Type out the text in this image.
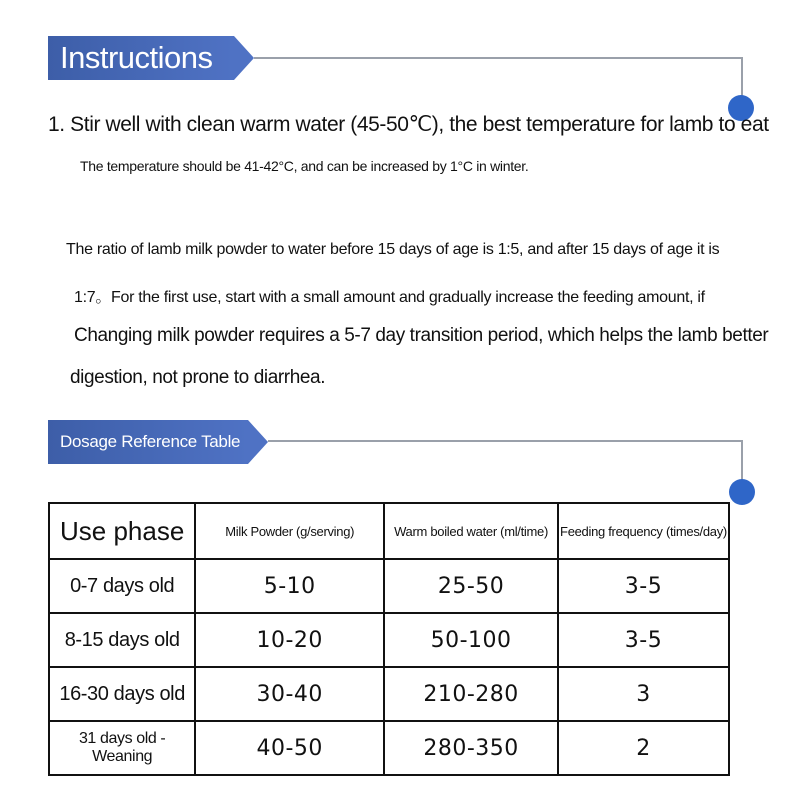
Instructions
1. Stir well with clean warm water (45-50℃), the best temperature for lamb to eat
The temperature should be 41-42°C, and can be increased by 1°C in winter.
The ratio of lamb milk powder to water before 15 days of age is 1:5, and after 15 days of age it is
1:7。For the first use, start with a small amount and gradually increase the feeding amount, if
Changing milk powder requires a 5-7 day transition period, which helps the lamb better
digestion, not prone to diarrhea.
Dosage Reference Table
Use phase	Milk Powder (g/serving)	Warm boiled water (ml/time)	Feeding frequency (times/day)
0-7 days old	5-10	25-50	3-5
8-15 days old	10-20	50-100	3-5
16-30 days old	30-40	210-280	3
31 days old - Weaning	40-50	280-350	2
